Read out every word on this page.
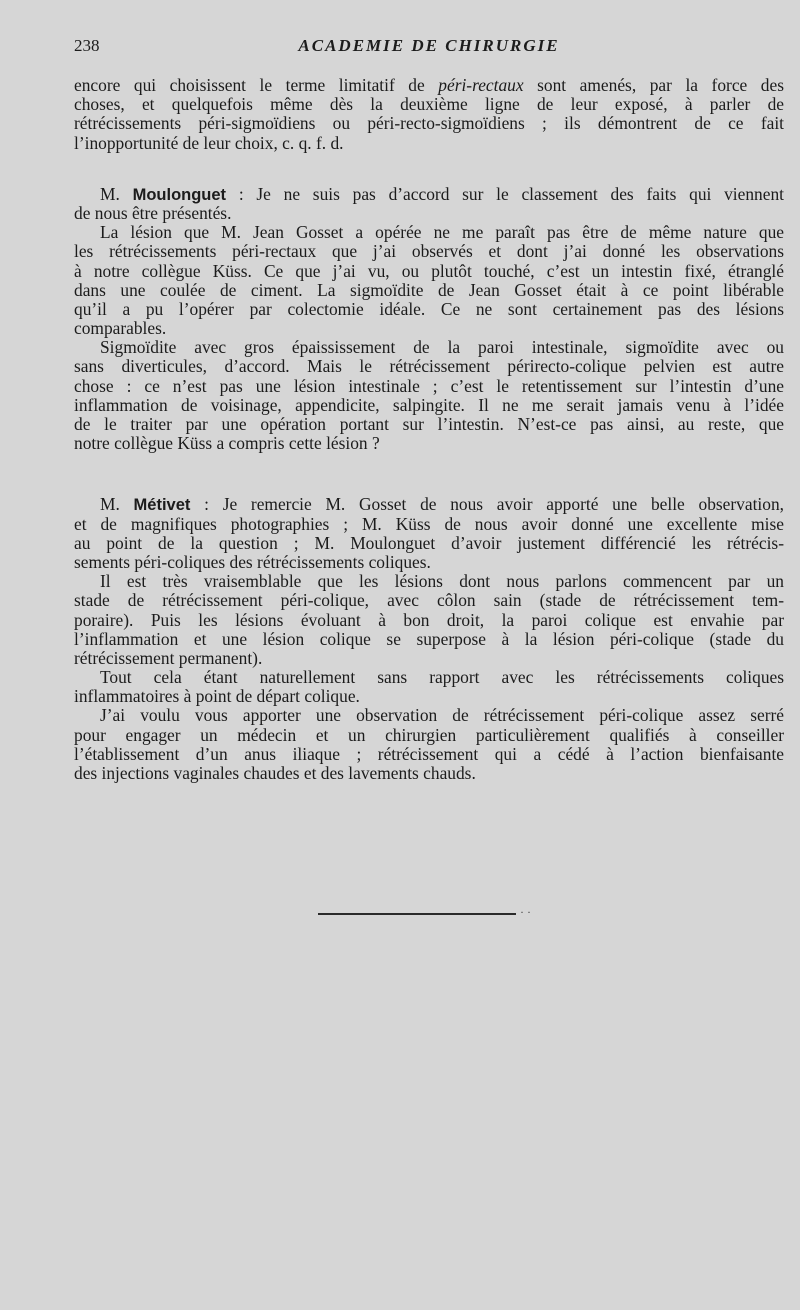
238	ACADEMIE DE CHIRURGIE
encore qui choisissent le terme limitatif de péri-rectaux sont amenés, par la force des
choses, et quelquefois même dès la deuxième ligne de leur exposé, à parler de
rétrécissements péri-sigmoïdiens ou péri-recto-sigmoïdiens ; ils démontrent de ce fait
l’inopportunité de leur choix, c. q. f. d.
M. Moulonguet : Je ne suis pas d’accord sur le classement des faits qui viennent
de nous être présentés.
La lésion que M. Jean Gosset a opérée ne me paraît pas être de même nature que
les rétrécissements péri-rectaux que j’ai observés et dont j’ai donné les observations
à notre collègue Küss. Ce que j’ai vu, ou plutôt touché, c’est un intestin fixé, étranglé
dans une coulée de ciment. La sigmoïdite de Jean Gosset était à ce point libérable
qu’il a pu l’opérer par colectomie idéale. Ce ne sont certainement pas des lésions
comparables.
Sigmoïdite avec gros épaississement de la paroi intestinale, sigmoïdite avec ou
sans diverticules, d’accord. Mais le rétrécissement périrecto-colique pelvien est autre
chose : ce n’est pas une lésion intestinale ; c’est le retentissement sur l’intestin d’une
inflammation de voisinage, appendicite, salpingite. Il ne me serait jamais venu à l’idée
de le traiter par une opération portant sur l’intestin. N’est-ce pas ainsi, au reste, que
notre collègue Küss a compris cette lésion ?
M. Métivet : Je remercie M. Gosset de nous avoir apporté une belle observation,
et de magnifiques photographies ; M. Küss de nous avoir donné une excellente mise
au point de la question ; M. Moulonguet d’avoir justement différencié les rétrécis-
sements péri-coliques des rétrécissements coliques.
Il est très vraisemblable que les lésions dont nous parlons commencent par un
stade de rétrécissement péri-colique, avec côlon sain (stade de rétrécissement tem-
poraire). Puis les lésions évoluant à bon droit, la paroi colique est envahie par
l’inflammation et une lésion colique se superpose à la lésion péri-colique (stade du
rétrécissement permanent).
Tout cela étant naturellement sans rapport avec les rétrécissements coliques
inflammatoires à point de départ colique.
J’ai voulu vous apporter une observation de rétrécissement péri-colique assez serré
pour engager un médecin et un chirurgien particulièrement qualifiés à conseiller
l’établissement d’un anus iliaque ; rétrécissement qui a cédé à l’action bienfaisante
des injections vaginales chaudes et des lavements chauds.
· ·
